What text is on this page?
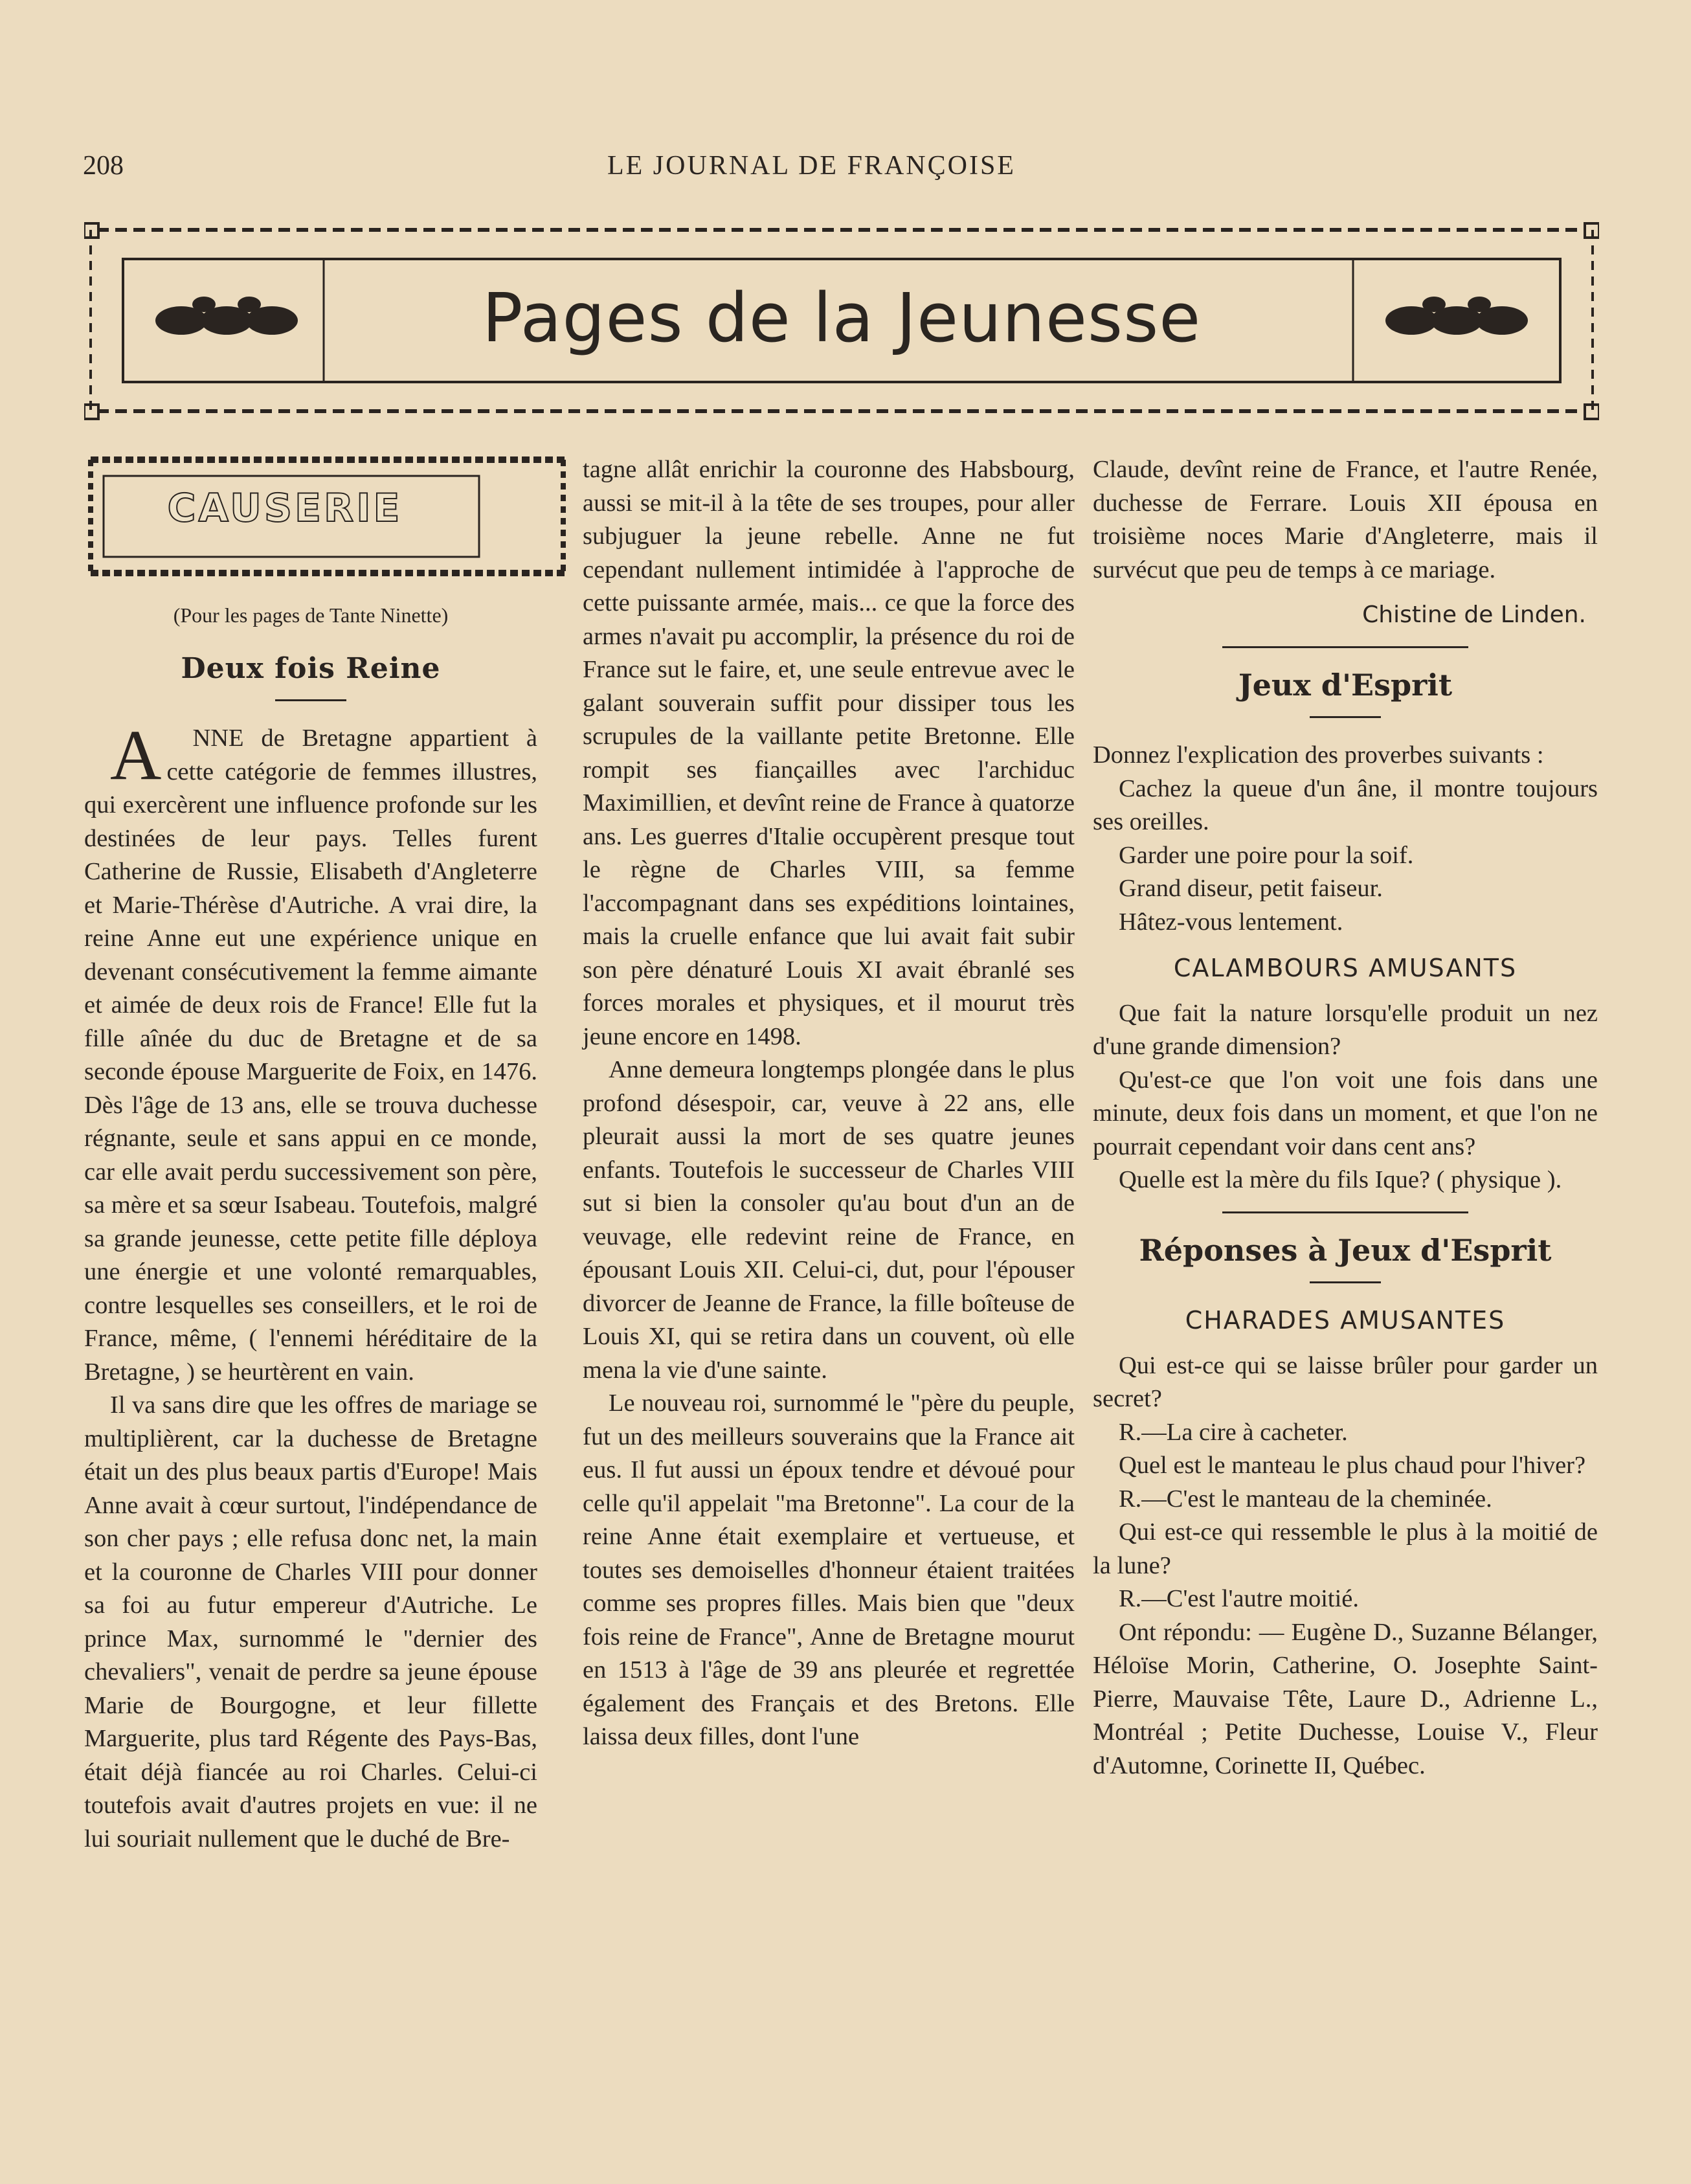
208	LE JOURNAL DE FRANÇOISE
Pages de la Jeunesse
CAUSERIE
(Pour les pages de Tante Ninette)
Deux fois Reine

A NNE de Bretagne appartient à cette catégorie de femmes illustres, qui exercèrent une influence profonde sur les destinées de leur pays. Telles furent Catherine de Russie, Elisabeth d'Angleterre et Marie-Thérèse d'Autriche. A vrai dire, la reine Anne eut une expérience unique en devenant consécutivement la femme aimante et aimée de deux rois de France! Elle fut la fille aînée du duc de Bretagne et de sa seconde épouse Marguerite de Foix, en 1476. Dès l'âge de 13 ans, elle se trouva duchesse régnante, seule et sans appui en ce monde, car elle avait perdu successivement son père, sa mère et sa sœur Isabeau. Toutefois, malgré sa grande jeunesse, cette petite fille déploya une énergie et une volonté remarquables, contre lesquelles ses conseillers, et le roi de France, même, ( l'ennemi héréditaire de la Bretagne, ) se heurtèrent en vain.

Il va sans dire que les offres de mariage se multiplièrent, car la duchesse de Bretagne était un des plus beaux partis d'Europe! Mais Anne avait à cœur surtout, l'indépendance de son cher pays ; elle refusa donc net, la main et la couronne de Charles VIII pour donner sa foi au futur empereur d'Autriche. Le prince Max, surnommé le "dernier des chevaliers", venait de perdre sa jeune épouse Marie de Bourgogne, et leur fillette Marguerite, plus tard Régente des Pays-Bas, était déjà fiancée au roi Charles. Celui-ci toutefois avait d'autres projets en vue: il ne lui souriait nullement que le duché de Bre-

tagne allât enrichir la couronne des Habsbourg, aussi se mit-il à la tête de ses troupes, pour aller subjuguer la jeune rebelle. Anne ne fut cependant nullement intimidée à l'approche de cette puissante armée, mais... ce que la force des armes n'avait pu accomplir, la présence du roi de France sut le faire, et, une seule entrevue avec le galant souverain suffit pour dissiper tous les scrupules de la vaillante petite Bretonne. Elle rompit ses fiançailles avec l'archiduc Maximillien, et devînt reine de France à quatorze ans. Les guerres d'Italie occupèrent presque tout le règne de Charles VIII, sa femme l'accompagnant dans ses expéditions lointaines, mais la cruelle enfance que lui avait fait subir son père dénaturé Louis XI avait ébranlé ses forces morales et physiques, et il mourut très jeune encore en 1498.

Anne demeura longtemps plongée dans le plus profond désespoir, car, veuve à 22 ans, elle pleurait aussi la mort de ses quatre jeunes enfants. Toutefois le successeur de Charles VIII sut si bien la consoler qu'au bout d'un an de veuvage, elle redevint reine de France, en épousant Louis XII. Celui-ci, dut, pour l'épouser divorcer de Jeanne de France, la fille boîteuse de Louis XI, qui se retira dans un couvent, où elle mena la vie d'une sainte.

Le nouveau roi, surnommé le "père du peuple, fut un des meilleurs souverains que la France ait eus. Il fut aussi un époux tendre et dévoué pour celle qu'il appelait "ma Bretonne". La cour de la reine Anne était exemplaire et vertueuse, et toutes ses demoiselles d'honneur étaient traitées comme ses propres filles. Mais bien que "deux fois reine de France", Anne de Bretagne mourut en 1513 à l'âge de 39 ans pleurée et regrettée également des Français et des Bretons. Elle laissa deux filles, dont l'une

Claude, devînt reine de France, et l'autre Renée, duchesse de Ferrare. Louis XII épousa en troisième noces Marie d'Angleterre, mais il survécut que peu de temps à ce mariage.

Chistine de Linden.
Jeux d'Esprit

Donnez l'explication des proverbes suivants :

Cachez la queue d'un âne, il montre toujours ses oreilles.

Garder une poire pour la soif.

Grand diseur, petit faiseur.

Hâtez-vous lentement.

CALAMBOURS AMUSANTS

Que fait la nature lorsqu'elle produit un nez d'une grande dimension?

Qu'est-ce que l'on voit une fois dans une minute, deux fois dans un moment, et que l'on ne pourrait cependant voir dans cent ans?

Quelle est la mère du fils Ique? ( physique ).

Réponses à Jeux d'Esprit
CHARADES AMUSANTES

Qui est-ce qui se laisse brûler pour garder un secret?

R.—La cire à cacheter.

Quel est le manteau le plus chaud pour l'hiver?

R.—C'est le manteau de la cheminée.

Qui est-ce qui ressemble le plus à la moitié de la lune?

R.—C'est l'autre moitié.

Ont répondu: — Eugène D., Suzanne Bélanger, Héloïse Morin, Catherine, O. Josephte Saint-Pierre, Mauvaise Tête, Laure D., Adrienne L., Montréal ; Petite Duchesse, Louise V., Fleur d'Automne, Corinette II, Québec.
